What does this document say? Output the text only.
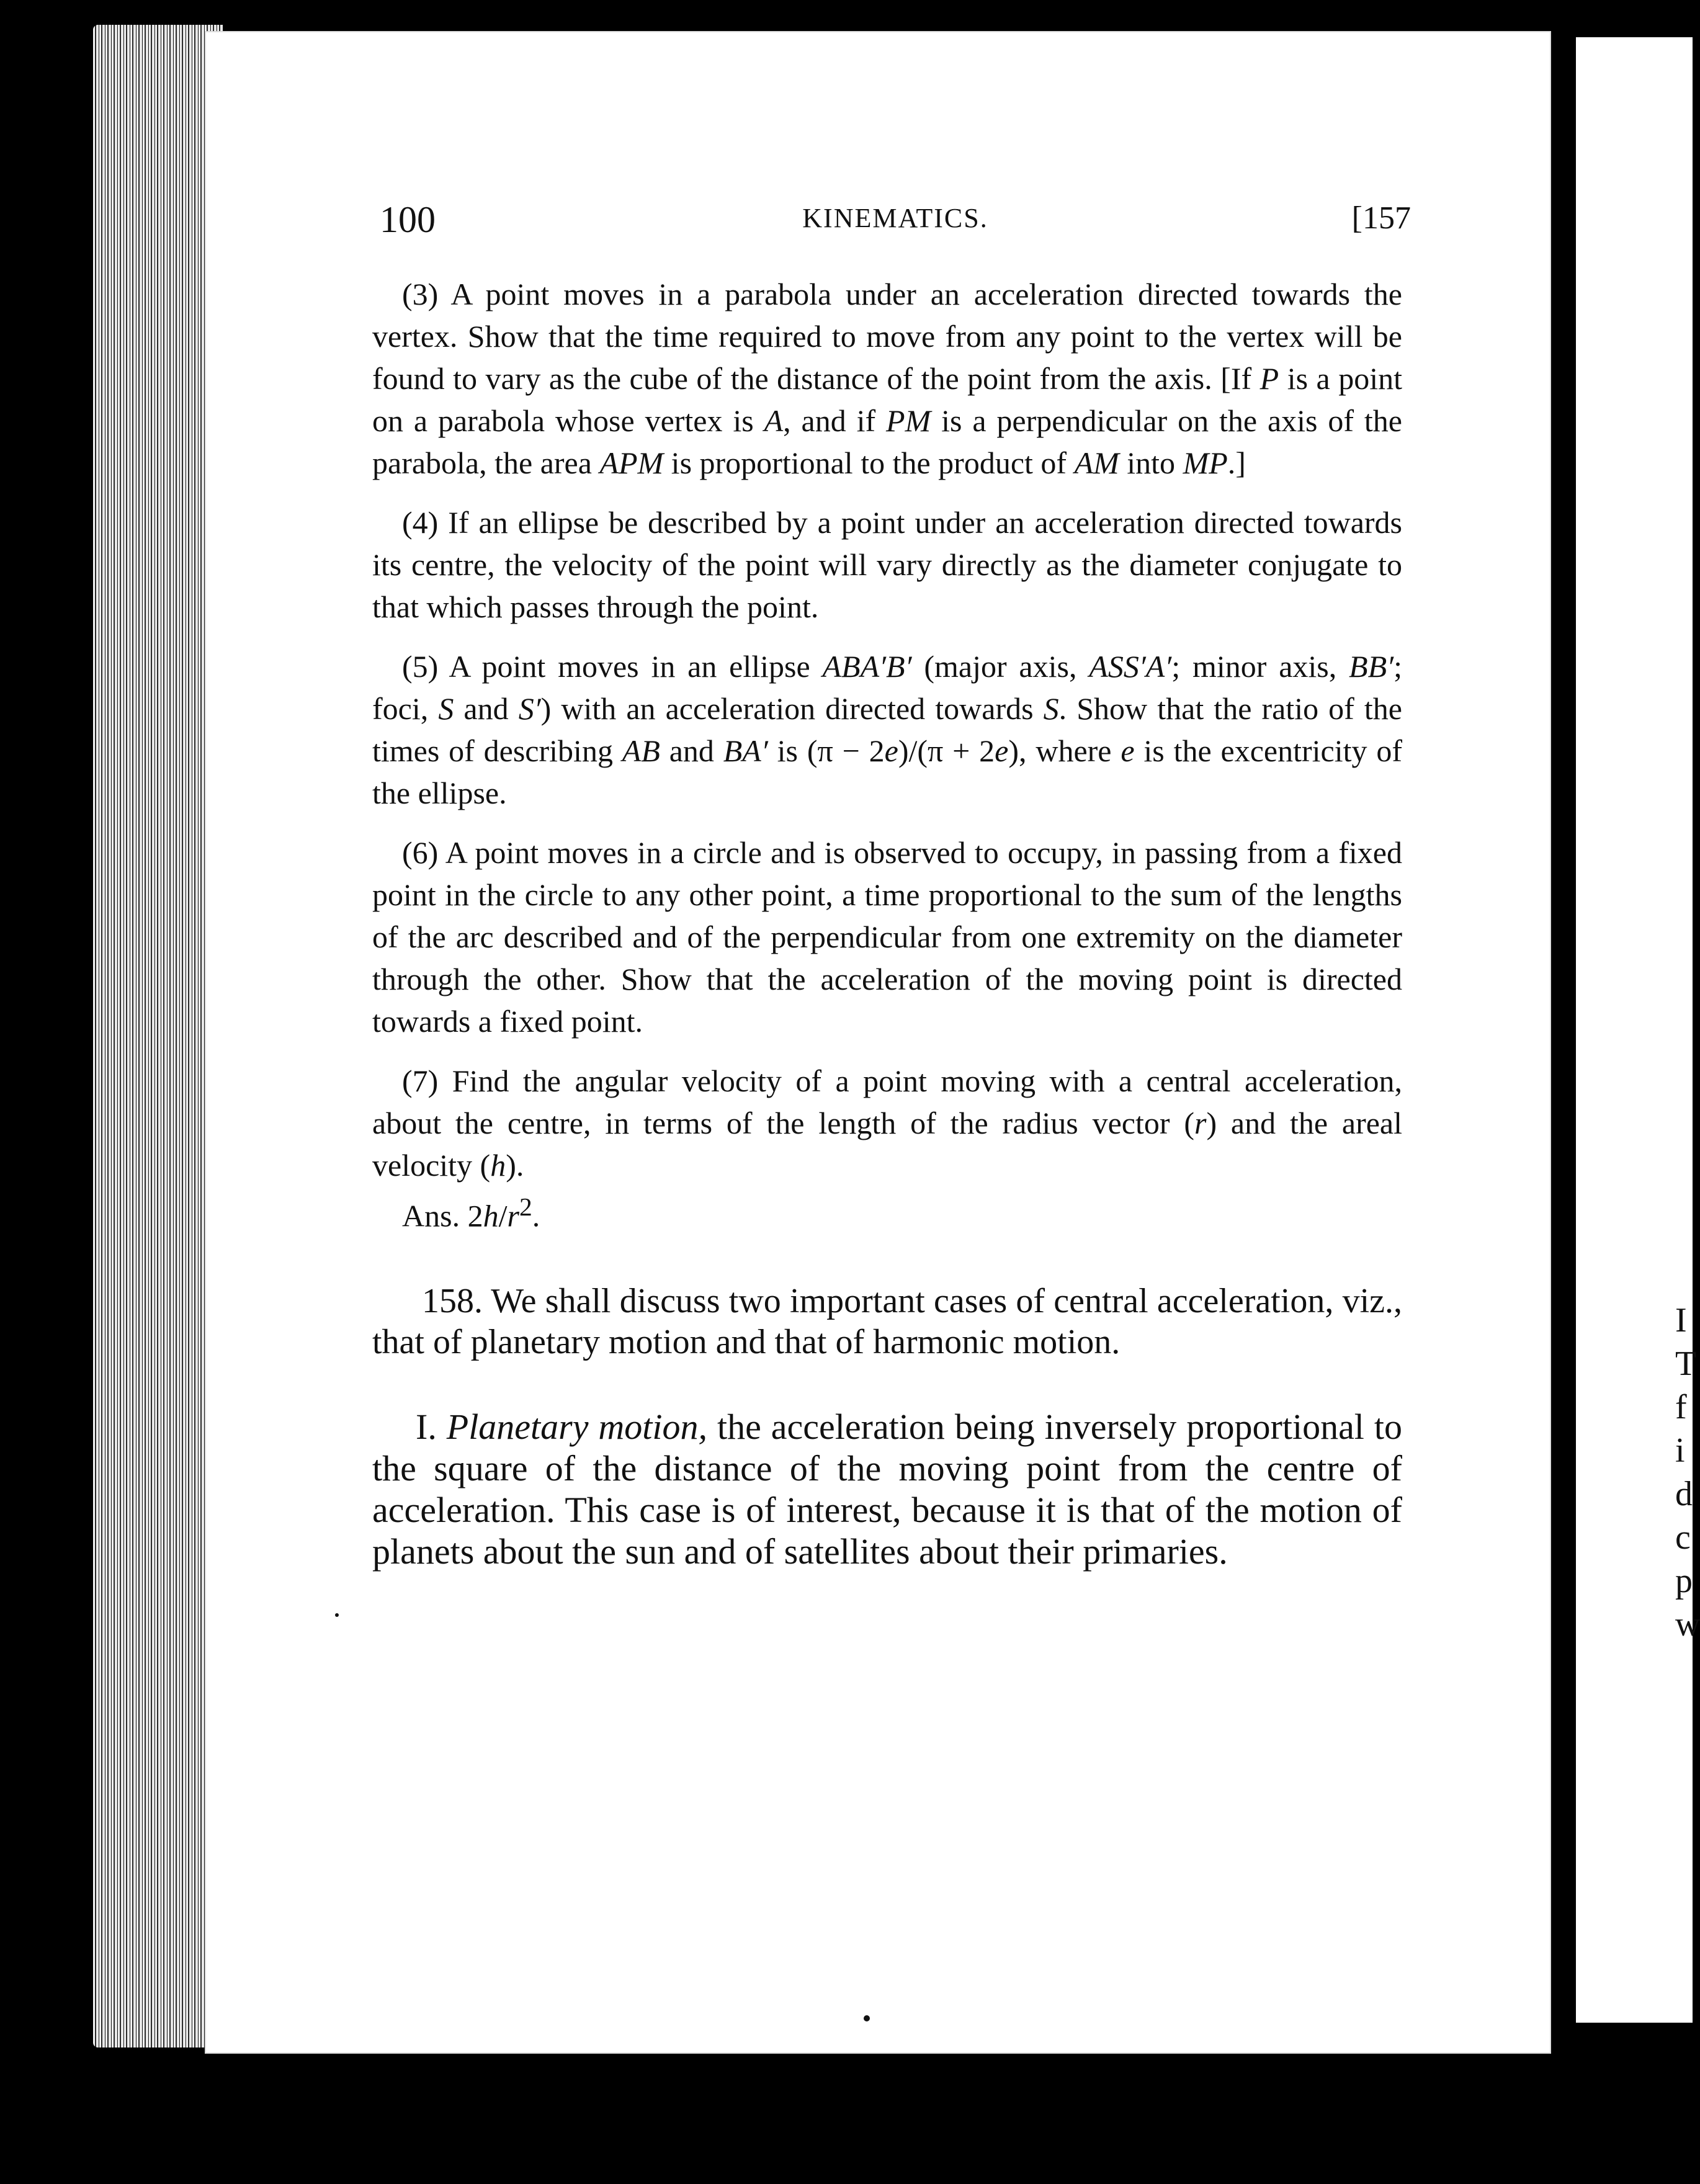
I
T
f
i
d
c
p
w
100	KINEMATICS.	[157

(3) A point moves in a parabola under an acceleration directed towards the vertex. Show that the time required to move from any point to the vertex will be found to vary as the cube of the distance of the point from the axis. [If P is a point on a parabola whose vertex is A, and if PM is a perpendicular on the axis of the parabola, the area APM is proportional to the product of AM into MP.]

(4) If an ellipse be described by a point under an acceleration directed towards its centre, the velocity of the point will vary directly as the diameter conjugate to that which passes through the point.

(5) A point moves in an ellipse ABA′B′ (major axis, ASS′A′; minor axis, BB′; foci, S and S′) with an acceleration directed towards S. Show that the ratio of the times of describing AB and BA′ is (π − 2e)/(π + 2e), where e is the excentricity of the ellipse.

(6) A point moves in a circle and is observed to occupy, in passing from a fixed point in the circle to any other point, a time proportional to the sum of the lengths of the arc described and of the perpendicular from one extremity on the diameter through the other. Show that the acceleration of the moving point is directed towards a fixed point.

(7) Find the angular velocity of a point moving with a central acceleration, about the centre, in terms of the length of the radius vector (r) and the areal velocity (h).

Ans. $2h/r^2$.

158. We shall discuss two important cases of central acceleration, viz., that of planetary motion and that of harmonic motion.

I. Planetary motion, the acceleration being inversely proportional to the square of the distance of the moving point from the centre of acceleration. This case is of interest, because it is that of the motion of planets about the sun and of satellites about their primaries.
